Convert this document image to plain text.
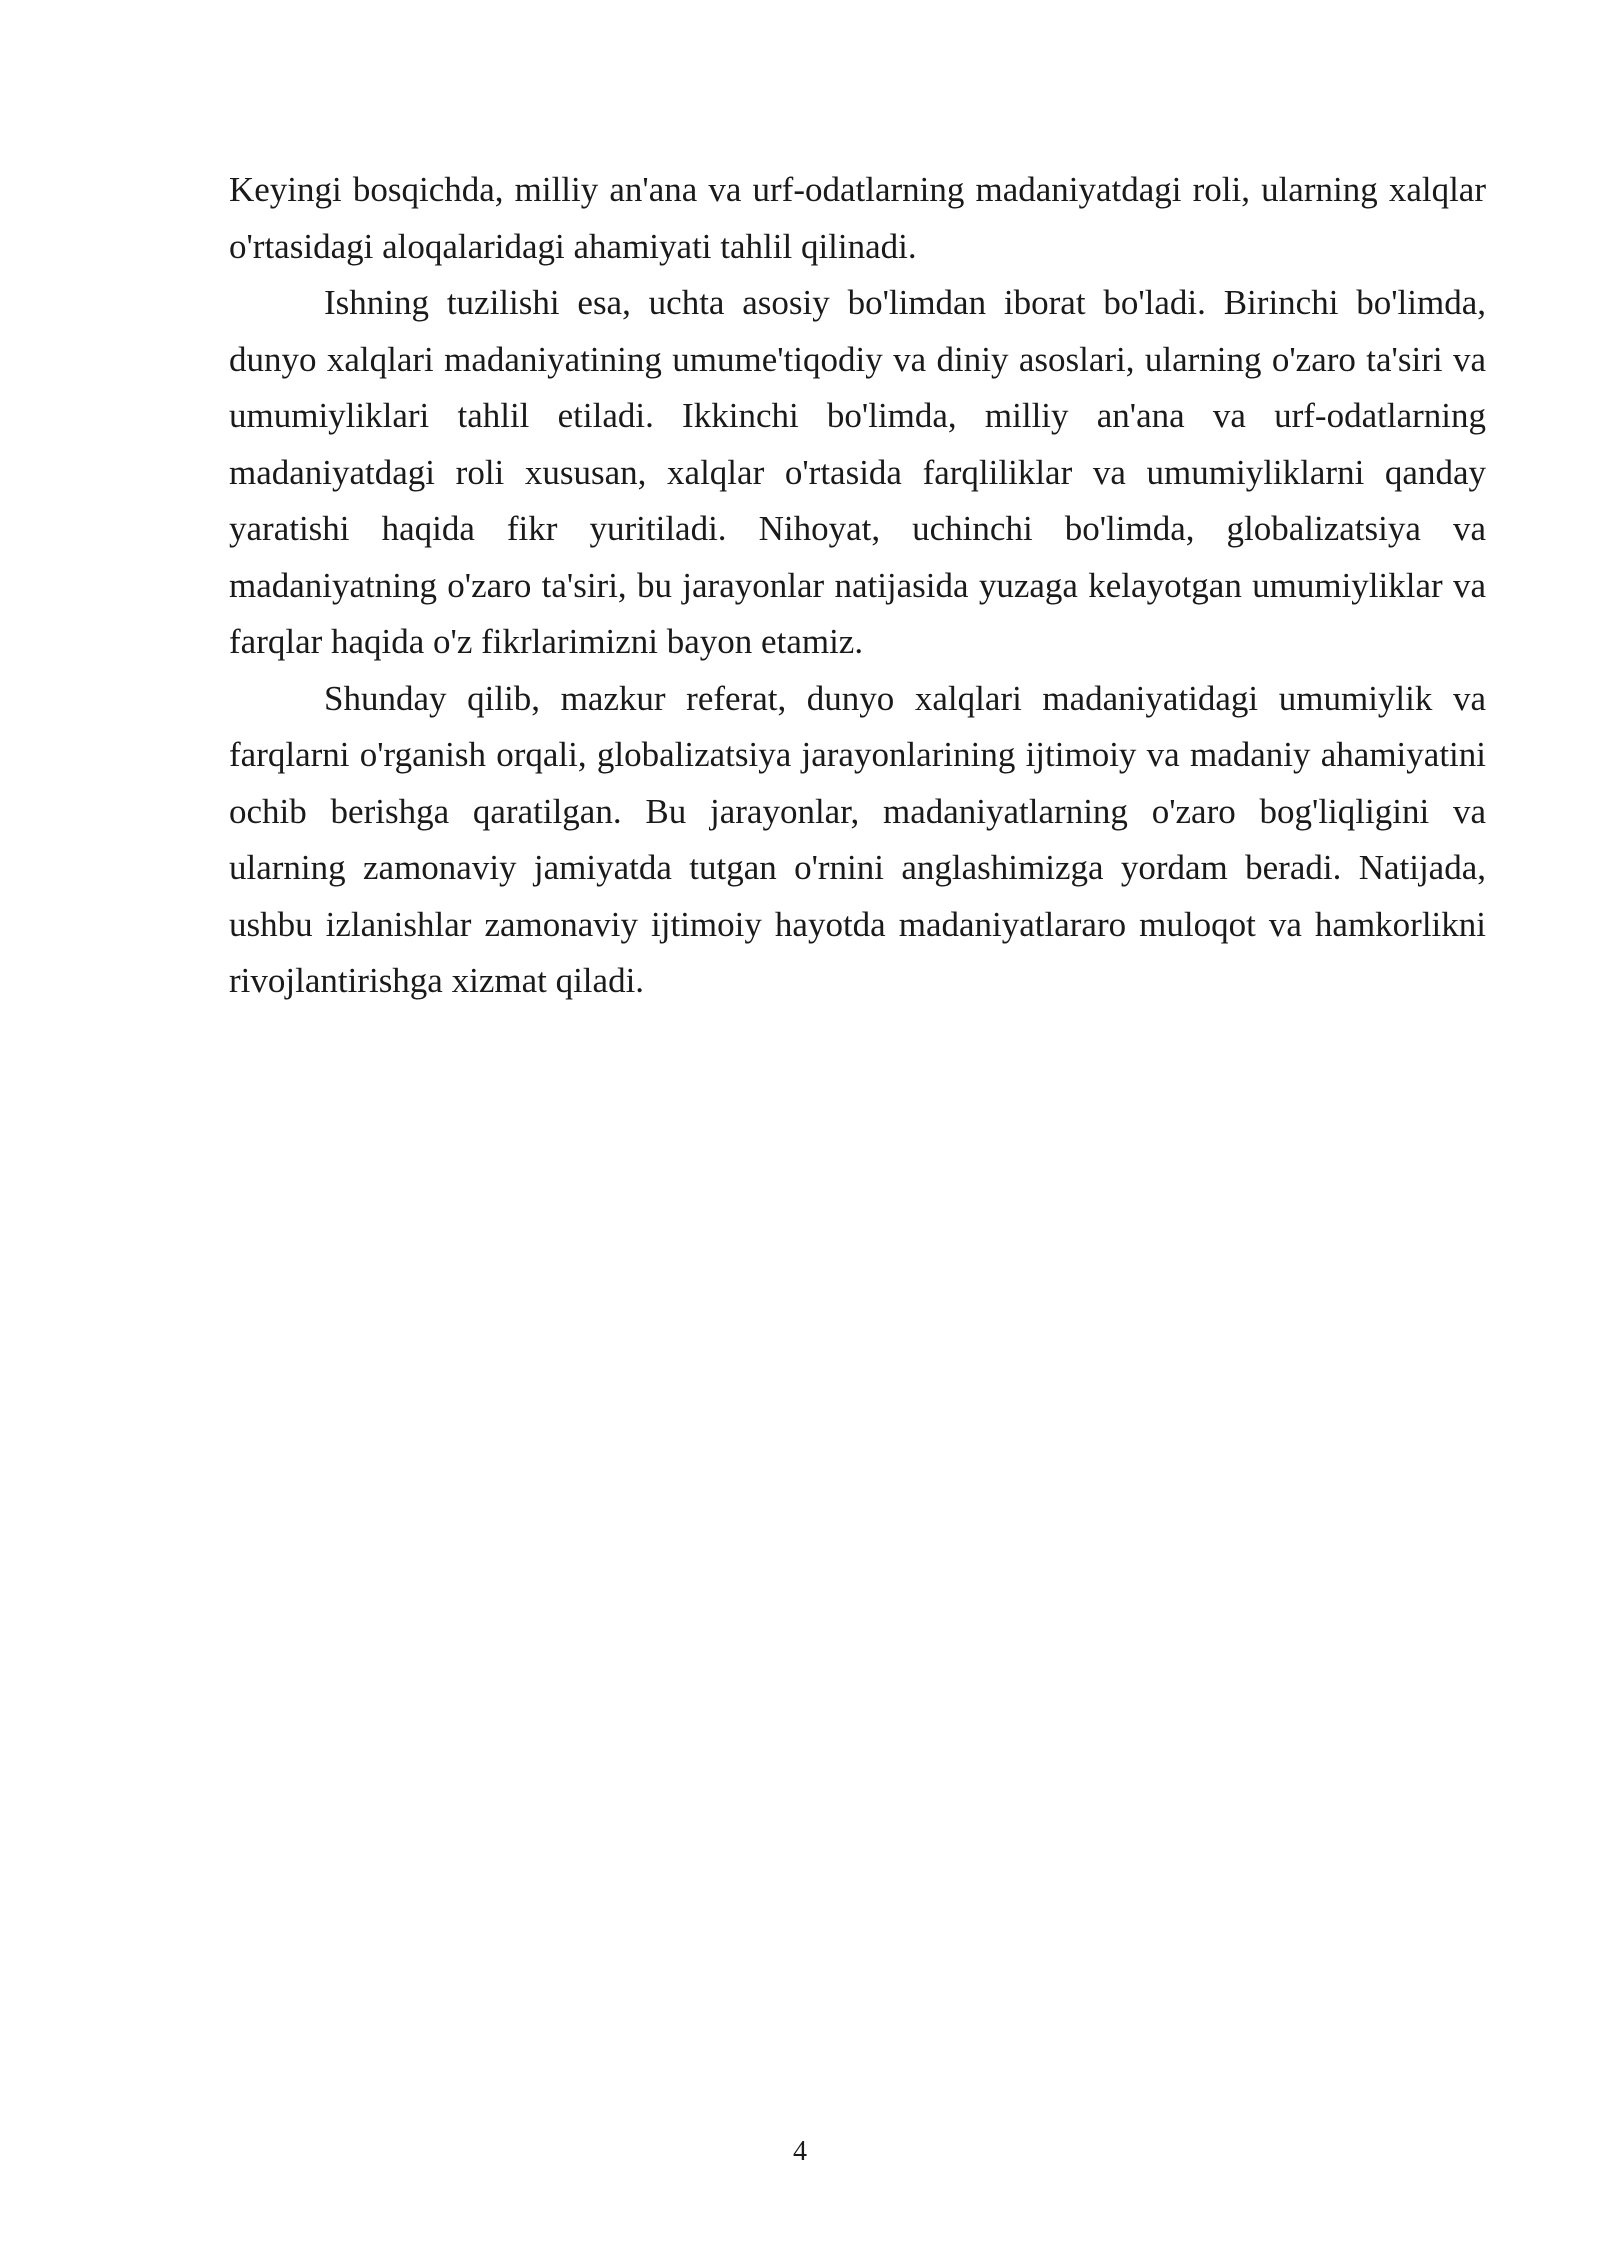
Keyingi bosqichda, milliy an'ana va urf-odatlarning madaniyatdagi roli, ularning xalqlar o'rtasidagi aloqalaridagi ahamiyati tahlil qilinadi.

Ishning tuzilishi esa, uchta asosiy bo'limdan iborat bo'ladi. Birinchi bo'limda, dunyo xalqlari madaniyatining umume'tiqodiy va diniy asoslari, ularning o'zaro ta'siri va umumiyliklari tahlil etiladi. Ikkinchi bo'limda, milliy an'ana va urf-odatlarning madaniyatdagi roli xususan, xalqlar o'rtasida farqliliklar va umumiyliklarni qanday yaratishi haqida fikr yuritiladi. Nihoyat, uchinchi bo'limda, globalizatsiya va madaniyatning o'zaro ta'siri, bu jarayonlar natijasida yuzaga kelayotgan umumiyliklar va farqlar haqida o'z fikrlarimizni bayon etamiz.

Shunday qilib, mazkur referat, dunyo xalqlari madaniyatidagi umumiylik va farqlarni o'rganish orqali, globalizatsiya jarayonlarining ijtimoiy va madaniy ahamiyatini ochib berishga qaratilgan. Bu jarayonlar, madaniyatlarning o'zaro bog'liqligini va ularning zamonaviy jamiyatda tutgan o'rnini anglashimizga yordam beradi. Natijada, ushbu izlanishlar zamonaviy ijtimoiy hayotda madaniyatlararo muloqot va hamkorlikni rivojlantirishga xizmat qiladi.

4
